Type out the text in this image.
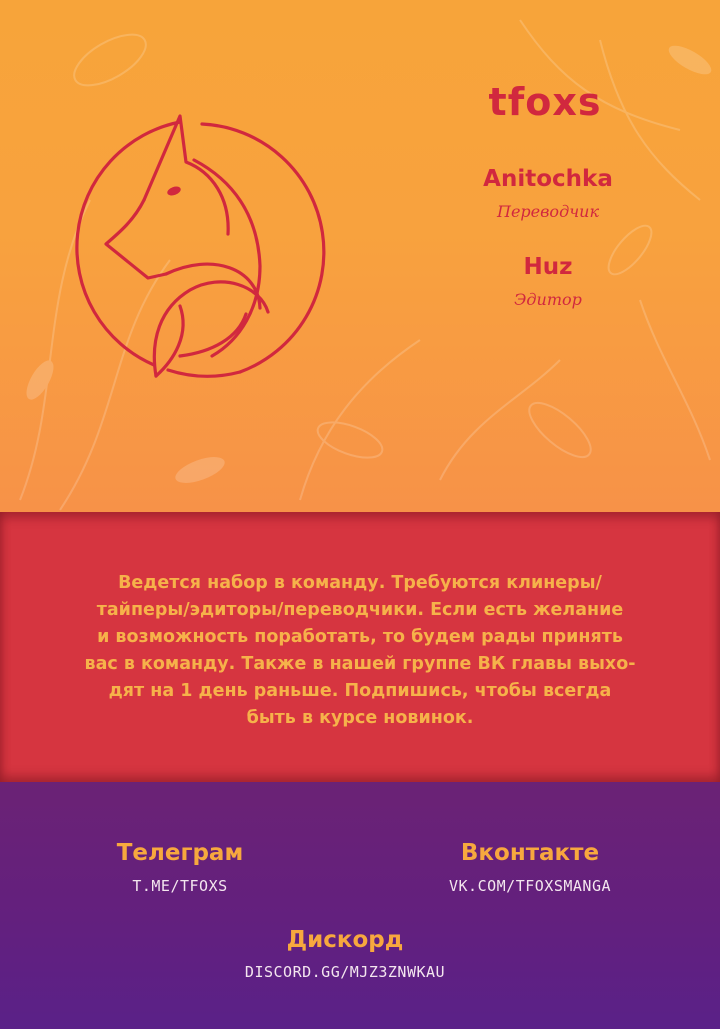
tfoxs
Anitochka
Переводчик
Huz
Эдитор
Ведется набор в команду. Требуются клинеры/
тайперы/эдиторы/переводчики. Если есть желание
и возможность поработать, то будем рады принять
вас в команду. Также в нашей группе ВК главы выхо-
дят на 1 день раньше. Подпишись, чтобы всегда
быть в курсе новинок.
Телеграм
T.ME/TFOXS
Вконтакте
VK.COM/TFOXSMANGA
Дискорд
DISCORD.GG/MJZ3ZNWKAU
